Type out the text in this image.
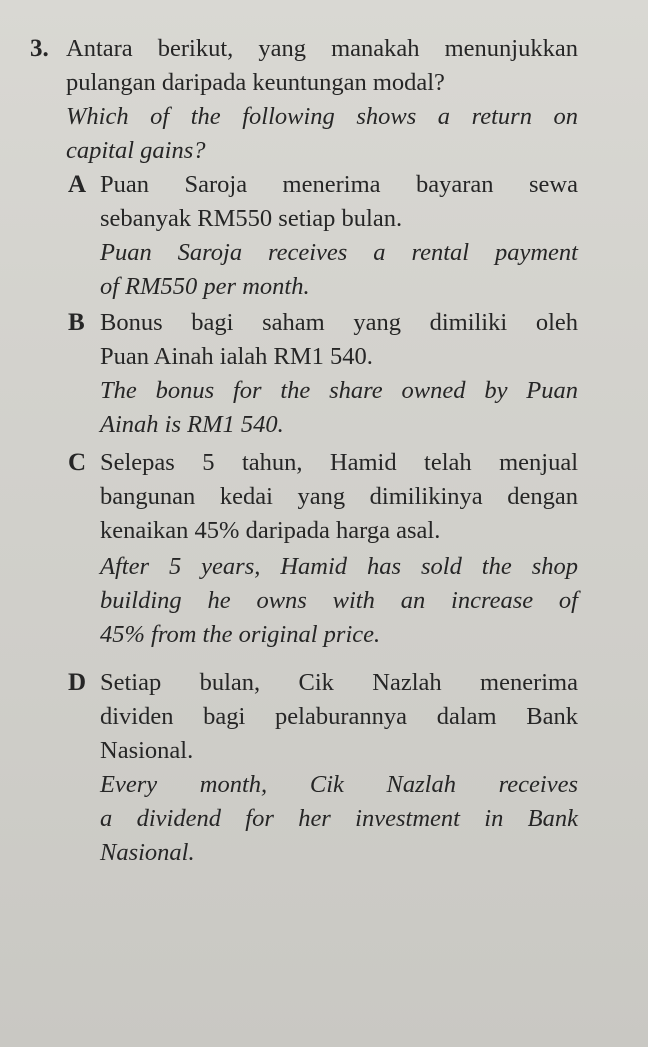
3. Antara berikut, yang manakah menunjukkan
pulangan daripada keuntungan modal?
Which of the following shows a return on
capital gains?
A Puan Saroja menerima bayaran sewa
sebanyak RM550 setiap bulan.
Puan Saroja receives a rental payment
of RM550 per month.
B Bonus bagi saham yang dimiliki oleh
Puan Ainah ialah RM1 540.
The bonus for the share owned by Puan
Ainah is RM1 540.
C Selepas 5 tahun, Hamid telah menjual
bangunan kedai yang dimilikinya dengan
kenaikan 45% daripada harga asal.
After 5 years, Hamid has sold the shop
building he owns with an increase of
45% from the original price.
D Setiap bulan, Cik Nazlah menerima
dividen bagi pelaburannya dalam Bank
Nasional.
Every month, Cik Nazlah receives
a dividend for her investment in Bank
Nasional.
